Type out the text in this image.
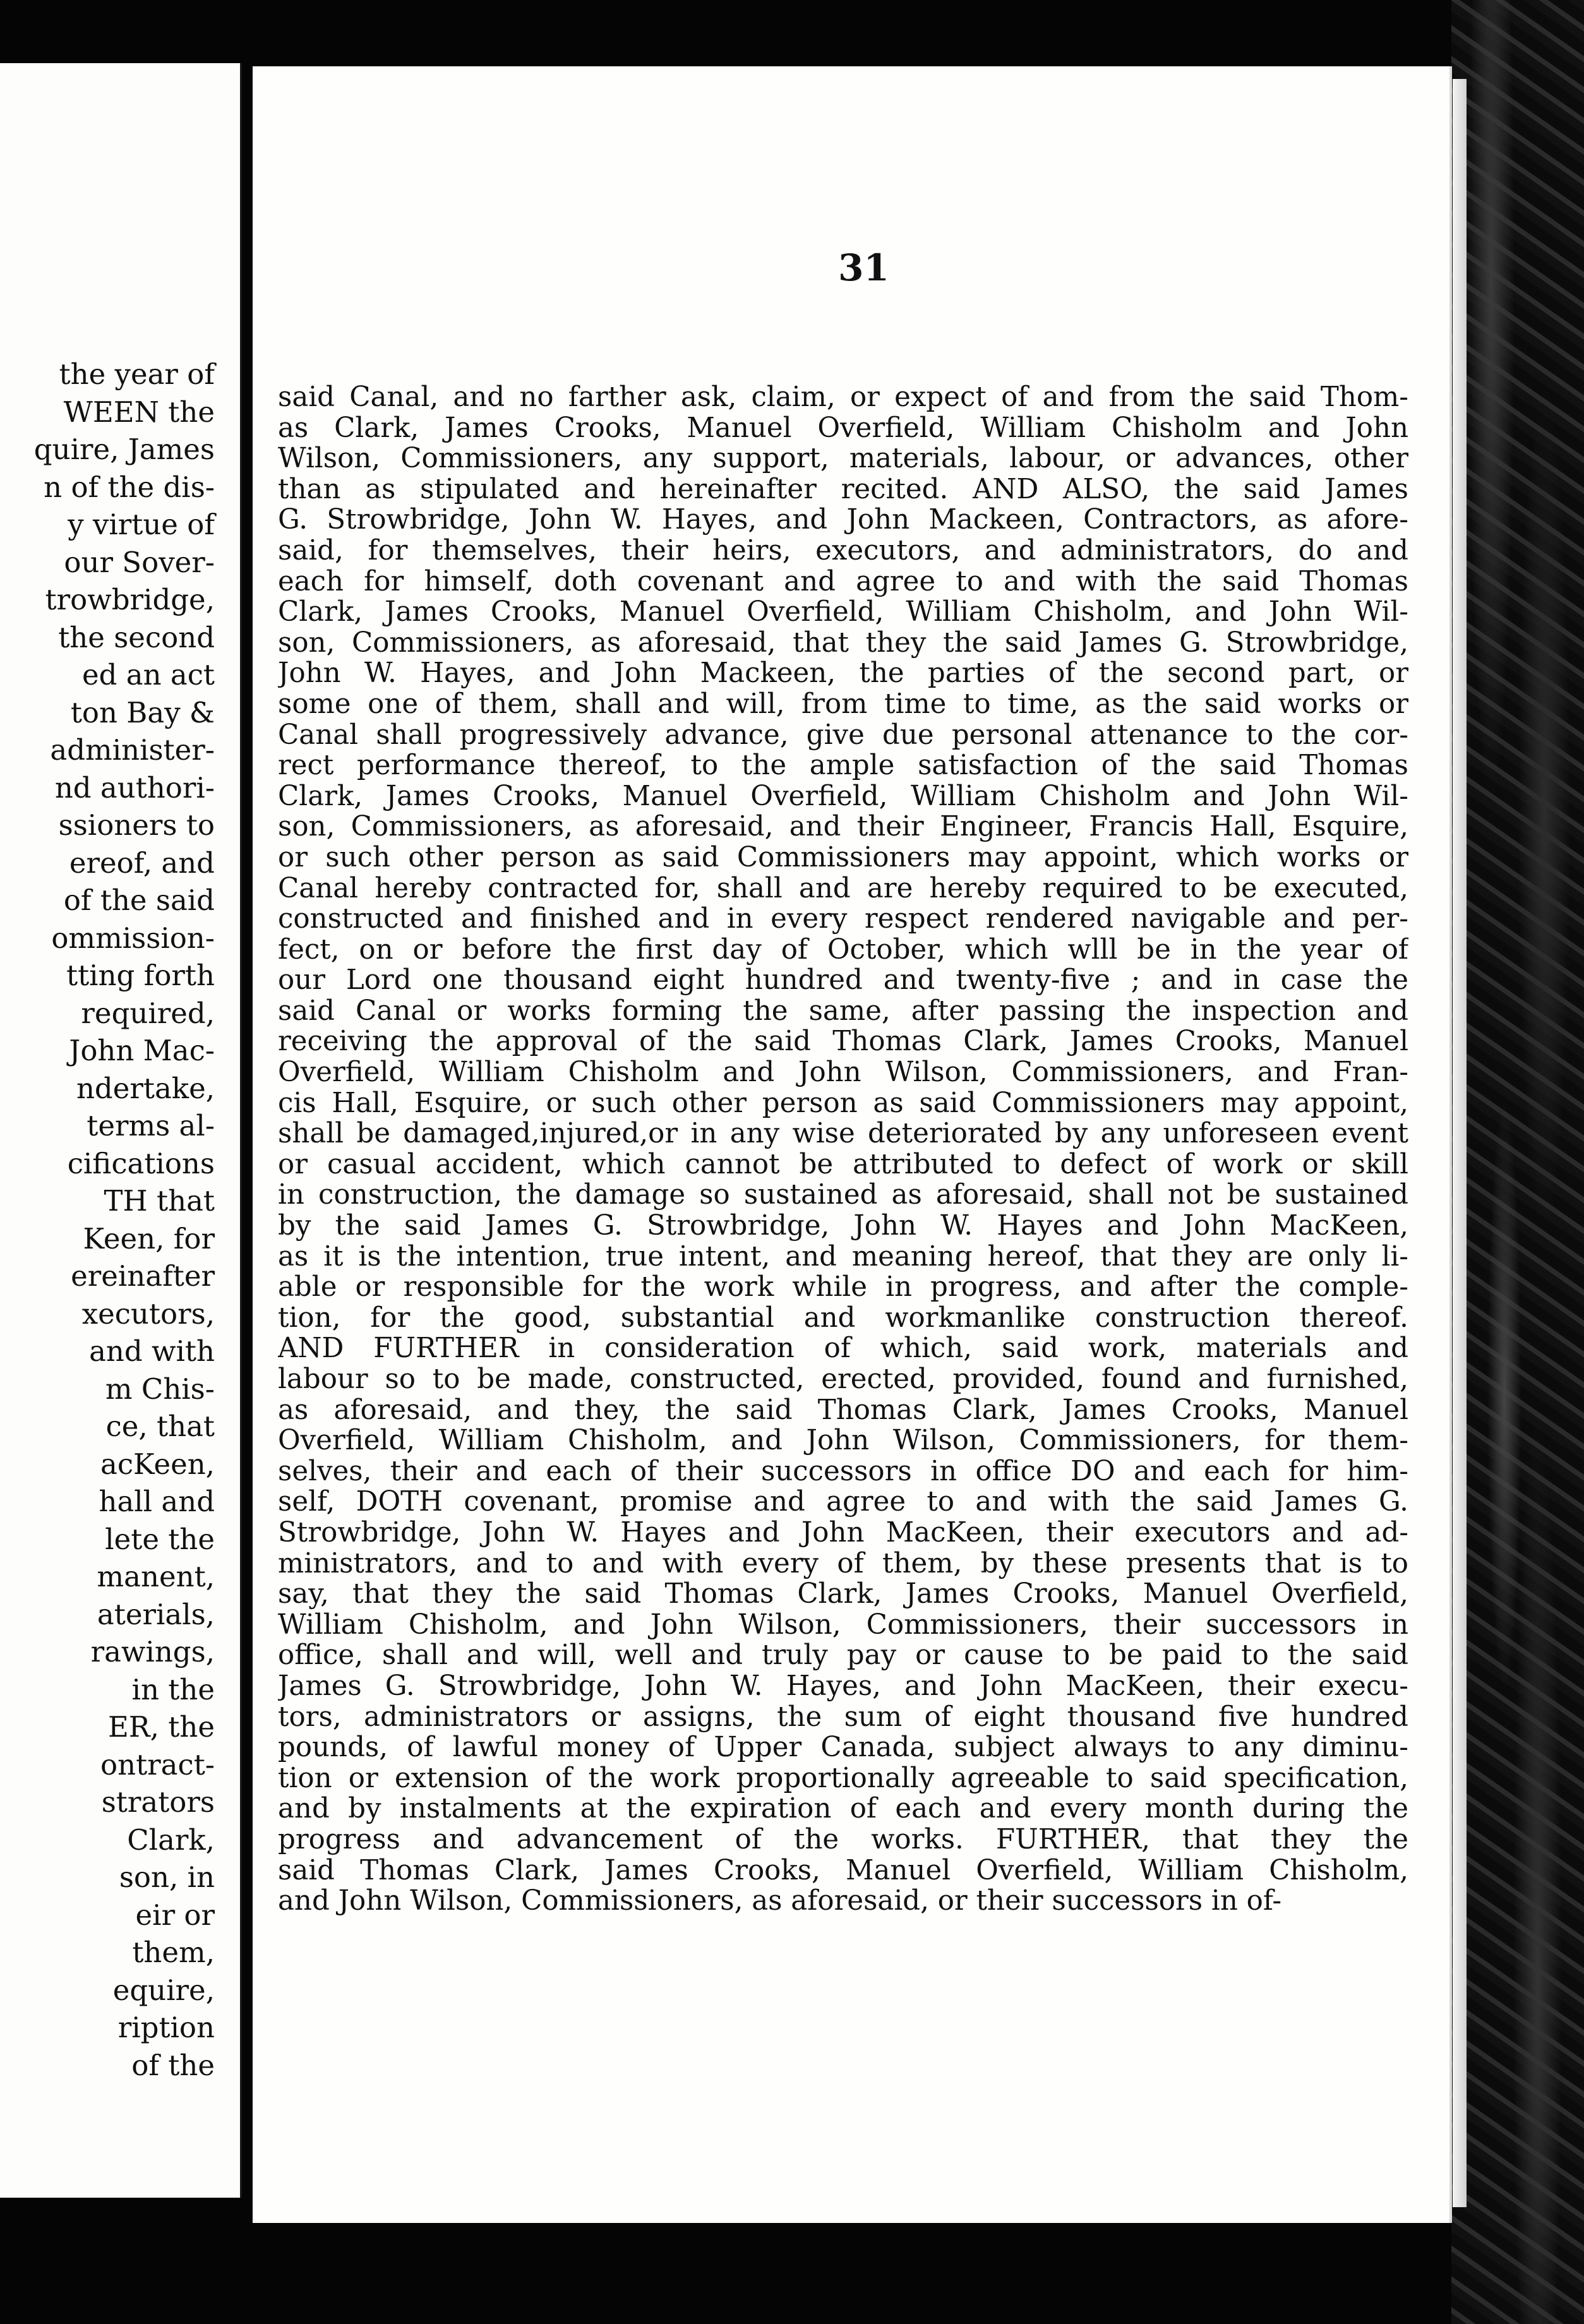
the year of
WEEN the
quire, James
n of the dis-
y virtue of
our Sover-
trowbridge,
the second
ed an act
ton Bay &
administer-
nd authori-
ssioners to
ereof, and
of the said
ommission-
tting forth
required,
John Mac-
ndertake,
terms al-
cifications
TH that
Keen, for
ereinafter
xecutors,
and with
m Chis-
ce, that
acKeen,
hall and
lete the
manent,
aterials,
rawings,
in the
ER, the
ontract-
strators
Clark,
son, in
eir or
them,
equire,
ription
of the
31
said Canal, and no farther ask, claim, or expect of and from the said Thom-
as Clark, James Crooks, Manuel Overfield, William Chisholm and John
Wilson, Commissioners, any support, materials, labour, or advances, other
than as stipulated and hereinafter recited. AND ALSO, the said James
G. Strowbridge, John W. Hayes, and John Mackeen, Contractors, as afore-
said, for themselves, their heirs, executors, and administrators, do and
each for himself, doth covenant and agree to and with the said Thomas
Clark, James Crooks, Manuel Overfield, William Chisholm, and John Wil-
son, Commissioners, as aforesaid, that they the said James G. Strowbridge,
John W. Hayes, and John Mackeen, the parties of the second part, or
some one of them, shall and will, from time to time, as the said works or
Canal shall progressively advance, give due personal attenance to the cor-
rect performance thereof, to the ample satisfaction of the said Thomas
Clark, James Crooks, Manuel Overfield, William Chisholm and John Wil-
son, Commissioners, as aforesaid, and their Engineer, Francis Hall, Esquire,
or such other person as said Commissioners may appoint, which works or
Canal hereby contracted for, shall and are hereby required to be executed,
constructed and finished and in every respect rendered navigable and per-
fect, on or before the first day of October, which wlll be in the year of
our Lord one thousand eight hundred and twenty-five ; and in case the
said Canal or works forming the same, after passing the inspection and
receiving the approval of the said Thomas Clark, James Crooks, Manuel
Overfield, William Chisholm and John Wilson, Commissioners, and Fran-
cis Hall, Esquire, or such other person as said Commissioners may appoint,
shall be damaged,injured,or in any wise deteriorated by any unforeseen event
or casual accident, which cannot be attributed to defect of work or skill
in construction, the damage so sustained as aforesaid, shall not be sustained
by the said James G. Strowbridge, John W. Hayes and John MacKeen,
as it is the intention, true intent, and meaning hereof, that they are only li-
able or responsible for the work while in progress, and after the comple-
tion, for the good, substantial and workmanlike construction thereof.
AND FURTHER in consideration of which, said work, materials and
labour so to be made, constructed, erected, provided, found and furnished,
as aforesaid, and they, the said Thomas Clark, James Crooks, Manuel
Overfield, William Chisholm, and John Wilson, Commissioners, for them-
selves, their and each of their successors in office DO and each for him-
self, DOTH covenant, promise and agree to and with the said James G.
Strowbridge, John W. Hayes and John MacKeen, their executors and ad-
ministrators, and to and with every of them, by these presents that is to
say, that they the said Thomas Clark, James Crooks, Manuel Overfield,
William Chisholm, and John Wilson, Commissioners, their successors in
office, shall and will, well and truly pay or cause to be paid to the said
James G. Strowbridge, John W. Hayes, and John MacKeen, their execu-
tors, administrators or assigns, the sum of eight thousand five hundred
pounds, of lawful money of Upper Canada, subject always to any diminu-
tion or extension of the work proportionally agreeable to said specification,
and by instalments at the expiration of each and every month during the
progress and advancement of the works. FURTHER, that they the
said Thomas Clark, James Crooks, Manuel Overfield, William Chisholm,
and John Wilson, Commissioners, as aforesaid, or their successors in of-
